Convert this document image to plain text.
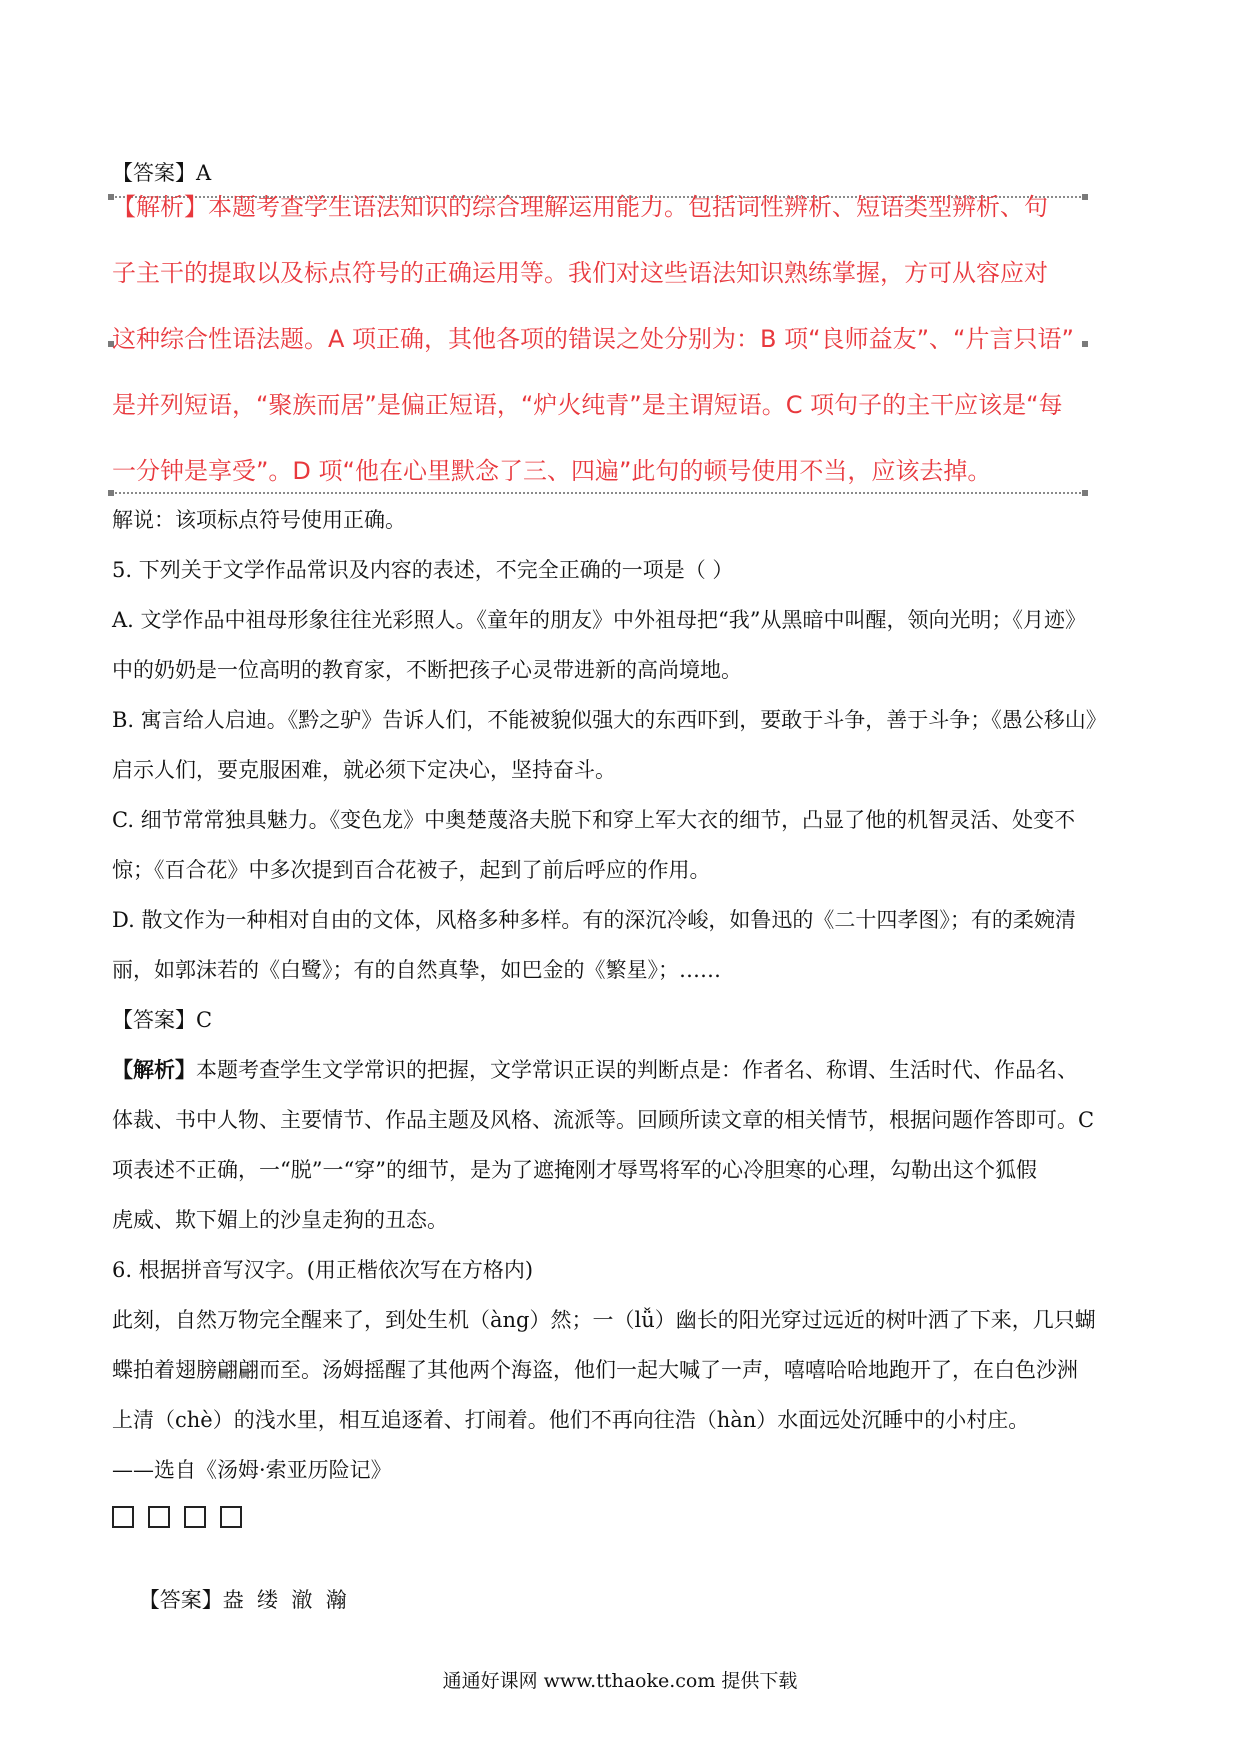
【答案】A
【解析】本题考查学生语法知识的综合理解运用能力。包括词性辨析、短语类型辨析、句
子主干的提取以及标点符号的正确运用等。我们对这些语法知识熟练掌握，方可从容应对
这种综合性语法题。A 项正确，其他各项的错误之处分别为：B 项“良师益友”、“片言只语”
是并列短语，“聚族而居”是偏正短语，“炉火纯青”是主谓短语。C 项句子的主干应该是“每
一分钟是享受”。D 项“他在心里默念了三、四遍”此句的顿号使用不当，应该去掉。
解说：该项标点符号使用正确。
5. 下列关于文学作品常识及内容的表述，不完全正确的一项是（ ）
A. 文学作品中祖母形象往往光彩照人。《童年的朋友》中外祖母把“我”从黑暗中叫醒，领向光明；《月迹》
中的奶奶是一位高明的教育家，不断把孩子心灵带进新的高尚境地。
B. 寓言给人启迪。《黔之驴》告诉人们，不能被貌似强大的东西吓到，要敢于斗争，善于斗争；《愚公移山》
启示人们，要克服困难，就必须下定决心，坚持奋斗。
C. 细节常常独具魅力。《变色龙》中奥楚蔑洛夫脱下和穿上军大衣的细节，凸显了他的机智灵活、处变不
惊；《百合花》中多次提到百合花被子，起到了前后呼应的作用。
D. 散文作为一种相对自由的文体，风格多种多样。有的深沉冷峻，如鲁迅的《二十四孝图》；有的柔婉清
丽，如郭沫若的《白鹭》；有的自然真挚，如巴金的《繁星》；……
【答案】C
【解析】本题考查学生文学常识的把握，文学常识正误的判断点是：作者名、称谓、生活时代、作品名、
体裁、书中人物、主要情节、作品主题及风格、流派等。回顾所读文章的相关情节，根据问题作答即可。C
项表述不正确，一“脱”一“穿”的细节，是为了遮掩刚才辱骂将军的心冷胆寒的心理，勾勒出这个狐假
虎威、欺下媚上的沙皇走狗的丑态。
6. 根据拼音写汉字。(用正楷依次写在方格内)
此刻，自然万物完全醒来了，到处生机（àng）然；一（lǚ）幽长的阳光穿过远近的树叶洒了下来，几只蝴
蝶拍着翅膀翩翩而至。汤姆摇醒了其他两个海盗，他们一起大喊了一声，嘻嘻哈哈地跑开了，在白色沙洲
上清（chè）的浅水里，相互追逐着、打闹着。他们不再向往浩（hàn）水面远处沉睡中的小村庄。
——选自《汤姆·索亚历险记》

【答案】盎  缕  澈  瀚

通通好课网 www.tthaoke.com 提供下载
